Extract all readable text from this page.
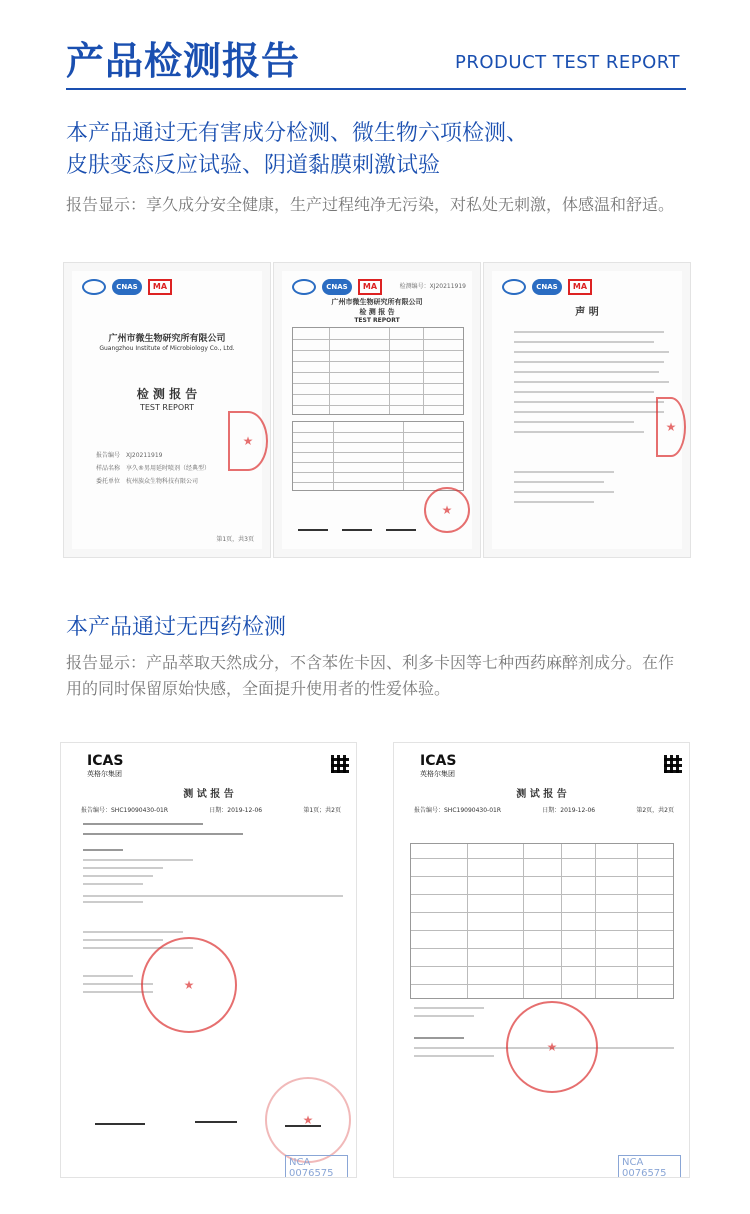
产品检测报告	PRODUCT TEST REPORT
本产品通过无有害成分检测、微生物六项检测、
皮肤变态反应试验、阴道黏膜刺激试验
报告显示：享久成分安全健康，生产过程纯净无污染，对私处无刺激，体感温和舒适。
CNAS	MA
广州市微生物研究所有限公司
Guangzhou Institute of Microbiology Co., Ltd.
检 测 报 告
TEST REPORT
报告编号　 XJ20211919
样品名称　 享久®男用延时喷剂（经典型）
委托单位　 杭州族众生物科技有限公司
★
第1页，共3页
CNAS	MA	检测编号：XJ20211919
广州市微生物研究所有限公司
检 测 报 告
TEST REPORT
★
CNAS	MA
声 明
★
本产品通过无西药检测
报告显示：产品萃取天然成分，不含苯佐卡因、利多卡因等七种西药麻醉剂成分。在作用的同时保留原始快感，全面提升使用者的性爱体验。
ICAS
英格尔集团
测 试 报 告
报告编号：SHC19090430-01R	日期：2019-12-06	第1页；共2页
★
★
NCA 0076575
ICAS
英格尔集团
测 试 报 告
报告编号：SHC19090430-01R	日期：2019-12-06	第2页，共2页
★
NCA 0076575
